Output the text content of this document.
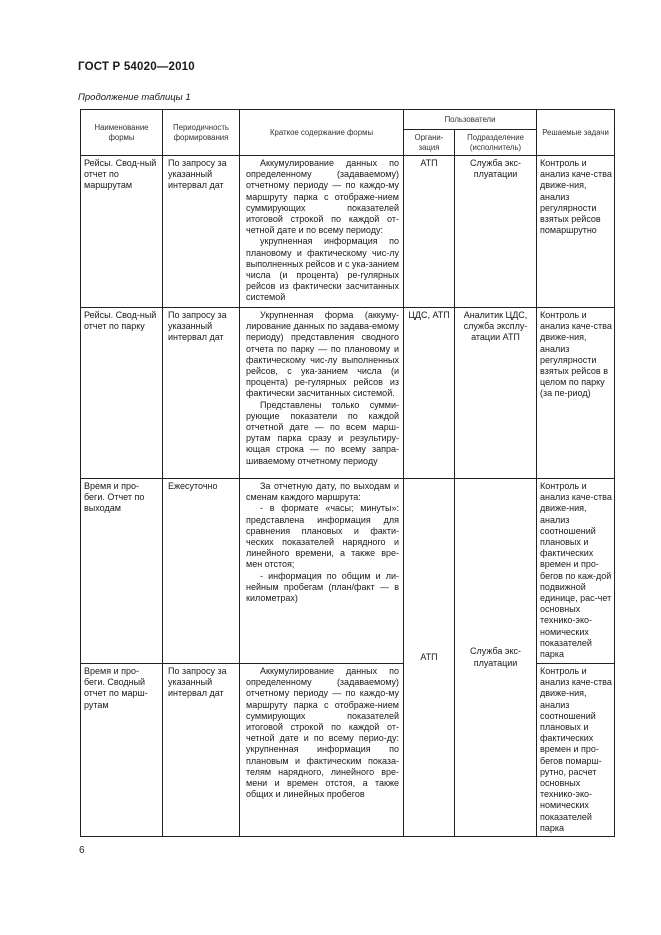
ГОСТ Р 54020—2010
Продолжение таблицы 1
Наименование формы	Периодичность формирования	Краткое содержание формы	Пользователи		Решаемые задачи
			Органи-зация	Подразделение (исполнитель)	
Рейсы. Свод-ный отчет по маршрутам	По запросу за указанный интервал дат	Аккумулирование данных по определенному (задаваемому) отчетному периоду — по каждо-му маршруту парка с отображе-нием суммирующих показателей итоговой строкой по каждой от-четной дате и по всему периоду:

укрупненная информация по плановому и фактическому чис-лу выполненных рейсов и с ука-занием числа (и процента) ре-гулярных рейсов из фактически засчитанных системой	АТП	Служба экс-плуатации	Контроль и анализ каче-ства движе-ния, анализ регулярности взятых рейсов помаршрутно
Рейсы. Свод-ный отчет по парку	По запросу за указанный интервал дат	Укрупненная форма (аккуму-лирование данных по задава-емому периоду) представления сводного отчета по парку — по плановому и фактическому чис-лу выполненных рейсов, с ука-занием числа (и процента) ре-гулярных рейсов из фактически засчитанных системой.

Представлены только сумми-рующие показатели по каждой отчетной дате — по всем марш-рутам парка сразу и результиру-ющая строка — по всему запра-шиваемому отчетному периоду	ЦДС, АТП	Аналитик ЦДС, служба эксплу-атации АТП	Контроль и анализ каче-ства движе-ния, анализ регулярности взятых рейсов в целом по парку (за пе-риод)
Время и про-беги. Отчет по выходам	Ежесуточно	За отчетную дату, по выходам и сменам каждого маршрута:

- в формате «часы; минуты»: представлена информация для сравнения плановых и факти-ческих показателей нарядного и линейного времени, а также вре-мен отстоя;

- информация по общим и ли-нейным пробегам (план/факт — в километрах)	АТП	Служба экс-плуатации	Контроль и анализ каче-ства движе-ния, анализ соотношений плановых и фактических времен и про-бегов по каж-дой подвижной единице, рас-чет основных технико-эко-номических показателей парка
Время и про-беги. Сводный отчет по марш-рутам	По запросу за указанный интервал дат	Аккумулирование данных по определенному (задаваемому) отчетному периоду — по каждо-му маршруту парка с отображе-нием суммирующих показателей итоговой строкой по каждой от-четной дате и по всему перио-ду: укрупненная информация по плановым и фактическим показа-телям нарядного, линейного вре-мени и времен отстоя, а также общих и линейных пробегов			Контроль и анализ каче-ства движе-ния, анализ соотношений плановых и фактических времен и про-бегов помарш-рутно, расчет основных технико-эко-номических показателей парка
6
